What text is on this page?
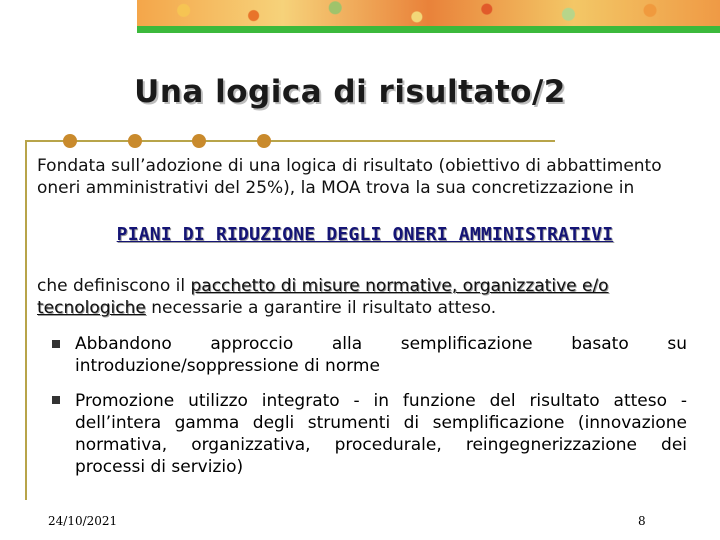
Una logica di risultato/2
Fondata sull’adozione di una logica di risultato (obiettivo di abbattimento
oneri amministrativi del 25%), la MOA trova la sua concretizzazione in
PIANI DI RIDUZIONE DEGLI ONERI AMMINISTRATIVI
che definiscono il pacchetto di misure normative, organizzative e/o
tecnologiche necessarie a garantire il risultato atteso.
Abbandono approccio alla semplificazione basato su
introduzione/soppressione di norme
Promozione utilizzo integrato - in funzione del risultato atteso -
dell’intera gamma degli strumenti di semplificazione (innovazione
normativa, organizzativa, procedurale, reingegnerizzazione dei
processi di servizio)
24/10/2021	8
